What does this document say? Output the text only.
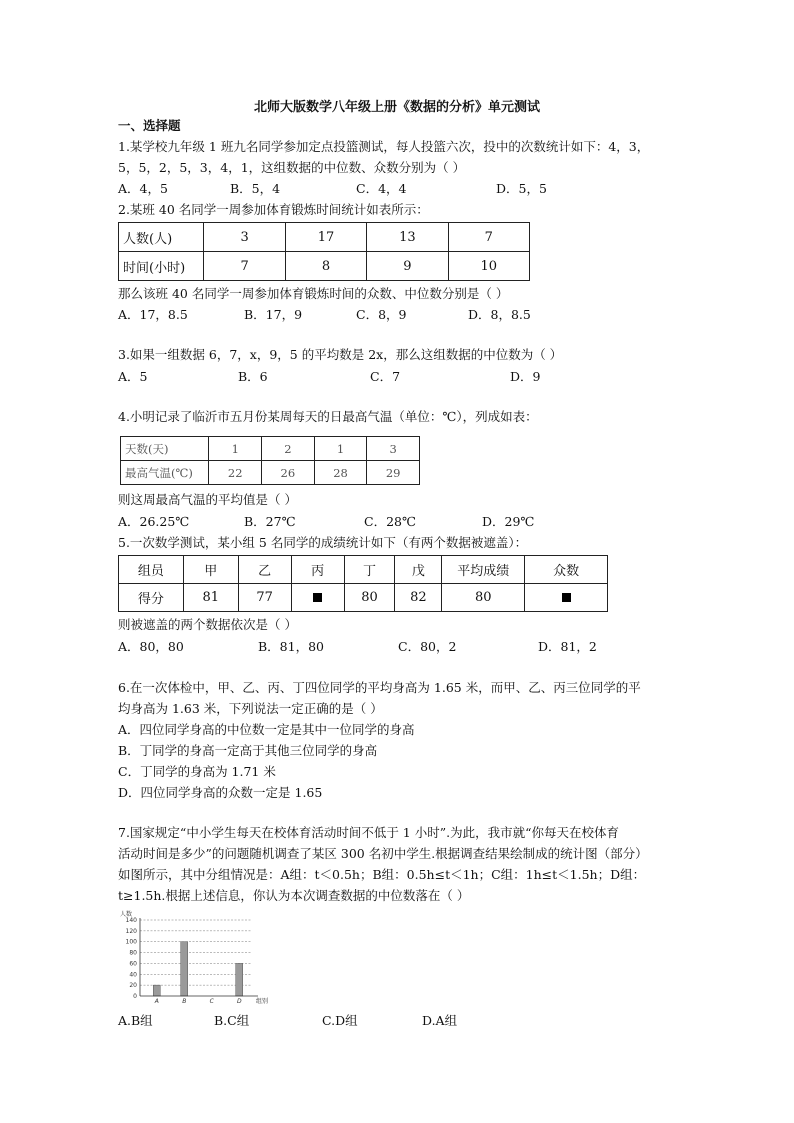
北师大版数学八年级上册《数据的分析》单元测试
一、选择题
1.某学校九年级 1 班九名同学参加定点投篮测试，每人投篮六次，投中的次数统计如下：4，3，
5，5，2，5，3，4，1，这组数据的中位数、众数分别为（ ）
A．4，5	B．5，4	C．4，4	D．5，5
2.某班 40 名同学一周参加体育锻炼时间统计如表所示：
人数(人)	3	17	13	7
时间(小时)	7	8	9	10
那么该班 40 名同学一周参加体育锻炼时间的众数、中位数分别是（ ）
A．17，8.5	B．17，9	C．8，9	D．8，8.5
3.如果一组数据 6，7，x，9，5 的平均数是 2x，那么这组数据的中位数为（ ）
A．5	B．6	C．7	D．9
4.小明记录了临沂市五月份某周每天的日最高气温（单位：℃），列成如表：
天数(天)	1	2	1	3
最高气温(℃)	22	26	28	29
则这周最高气温的平均值是（ ）
A．26.25℃	B．27℃	C．28℃	D．29℃
5.一次数学测试，某小组 5 名同学的成绩统计如下（有两个数据被遮盖）：
组员	甲	乙	丙	丁	戊	平均成绩	众数
得分	81	77		80	82	80	
则被遮盖的两个数据依次是（ ）
A．80，80	B．81，80	C．80，2	D．81，2
6.在一次体检中，甲、乙、丙、丁四位同学的平均身高为 1.65 米，而甲、乙、丙三位同学的平
均身高为 1.63 米，下列说法一定正确的是（ ）
A．四位同学身高的中位数一定是其中一位同学的身高
B．丁同学的身高一定高于其他三位同学的身高
C．丁同学的身高为 1.71 米
D．四位同学身高的众数一定是 1.65
7.国家规定“中小学生每天在校体育活动时间不低于 1 小时”.为此，我市就“你每天在校体育
活动时间是多少”的问题随机调查了某区 300 名初中学生.根据调查结果绘制成的统计图（部分）
如图所示，其中分组情况是：A组：t＜0.5h；B组：0.5h≤t＜1h；C组：1h≤t＜1.5h；D组：
t≥1.5h.根据上述信息，你认为本次调查数据的中位数落在（ ）
人数
组别
0
20
40
60
80
100
120
140
A	B	C	D
A.B组	B.C组	C.D组	D.A组
